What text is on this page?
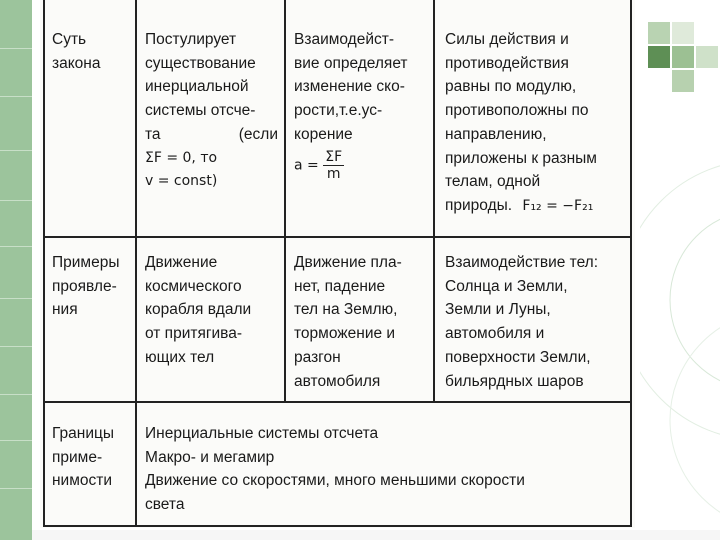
Суть

закона

Постулирует

существование

инерциальной

системы отсче-

та	(если

ΣF = 0, то

v = const)

Взаимодейст-

вие определяет

изменение ско-

рости,т.е.ус-

корение

$a = \frac{\Sigma F}{m}$

Силы действия и

противодействия

равны по модулю,

противоположны по

направлению,

приложены к разным

телам, одной

природы. F₁₂ = −F₂₁

Примеры

проявле-

ния

Движение

космического

корабля вдали

от притягива-

ющих тел

Движение пла-

нет, падение

тел на Землю,

торможение и

разгон

автомобиля

Взаимодействие тел:

Солнца и Земли,

Земли и Луны,

автомобиля и

поверхности Земли,

бильярдных шаров

Границы

приме-

нимости

Инерциальные системы отсчета

Макро- и мегамир

Движение со скоростями, много меньшими скорости

света
